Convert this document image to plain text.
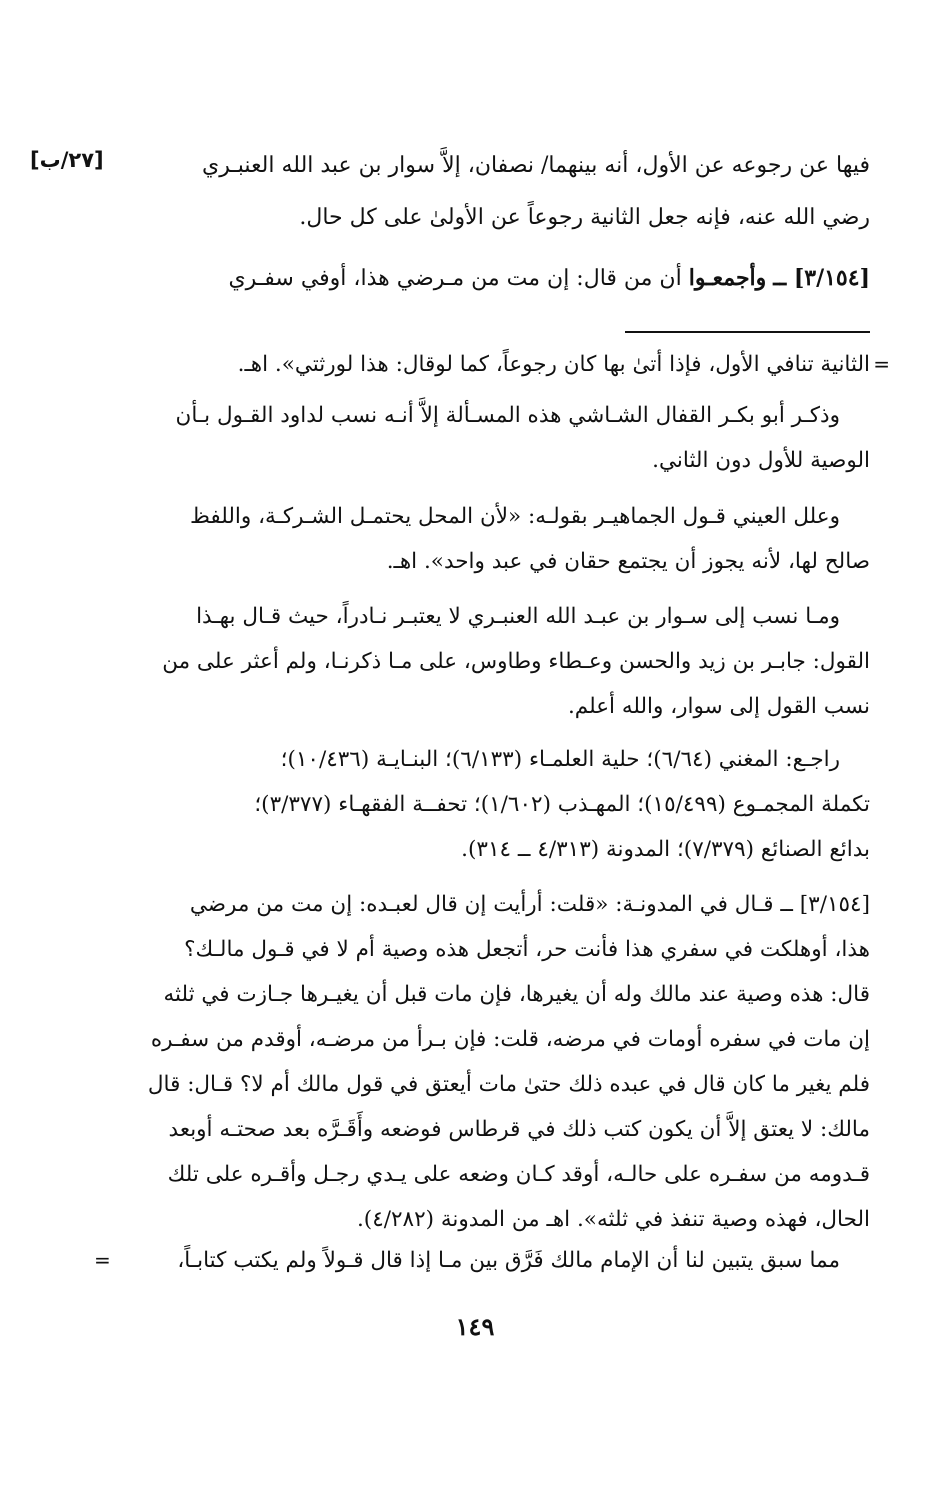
[٢٧/ب]	فيها عن رجوعه عن الأول، أنه بينهما/ نصفان، إلاَّ سوار بن عبد الله العنبـري
رضي الله عنه، فإنه جعل الثانية رجوعاً عن الأولىٰ على كل حال.
[٣/١٥٤] ــ وأجمعـوا أن من قال: إن مت من مـرضي هذا، أوفي سفـري
=
الثانية تنافي الأول، فإذا أتىٰ بها كان رجوعاً، كما لوقال: هذا لورثتي». اهـ.
وذكـر أبو بكـر القفال الشـاشي هذه المسـألة إلاَّ أنـه نسب لداود القـول بـأن
الوصية للأول دون الثاني.
وعلل العيني قـول الجماهيـر بقولـه: «لأن المحل يحتمـل الشـركـة، واللفظ
صالح لها، لأنه يجوز أن يجتمع حقان في عبد واحد». اهـ.
ومـا نسب إلى سـوار بن عبـد الله العنبـري لا يعتبـر نـادراً، حيث قـال بهـذا
القول: جابـر بن زيد والحسن وعـطاء وطاوس، على مـا ذكرنـا، ولم أعثر على من
نسب القول إلى سوار، والله أعلم.
راجـع: المغني (٦/٦٤)؛ حلية العلمـاء (٦/١٣٣)؛ البنـايـة (١٠/٤٣٦)؛
تكملة المجمـوع (١٥/٤٩٩)؛ المهـذب (١/٦٠٢)؛ تحفــة الفقهـاء (٣/٣٧٧)؛
بدائع الصنائع (٧/٣٧٩)؛ المدونة (٤/٣١٣ ــ ٣١٤).
[٣/١٥٤] ــ قـال في المدونـة: «قلت: أرأيت إن قال لعبـده: إن مت من مرضي
هذا، أوهلكت في سفري هذا فأنت حر، أتجعل هذه وصية أم لا في قـول مالـك؟
قال: هذه وصية عند مالك وله أن يغيرها، فإن مات قبل أن يغيـرها جـازت في ثلثه
إن مات في سفره أومات في مرضه، قلت: فإن بـرأ من مرضـه، أوقدم من سفـره
فلم يغير ما كان قال في عبده ذلك حتىٰ مات أيعتق في قول مالك أم لا؟ قـال: قال
مالك: لا يعتق إلاَّ أن يكون كتب ذلك في قرطاس فوضعه وأَقَـرَّه بعد صحتـه أوبعد
قـدومه من سفـره على حالـه، أوقد كـان وضعه على يـدي رجـل وأقـره على تلك
الحال، فهذه وصية تنفذ في ثلثه». اهـ من المدونة (٤/٢٨٢).
مما سبق يتبين لنا أن الإمام مالك فَرَّق بين مـا إذا قال قـولاً ولم يكتب كتابـاً،
=
١٤٩
